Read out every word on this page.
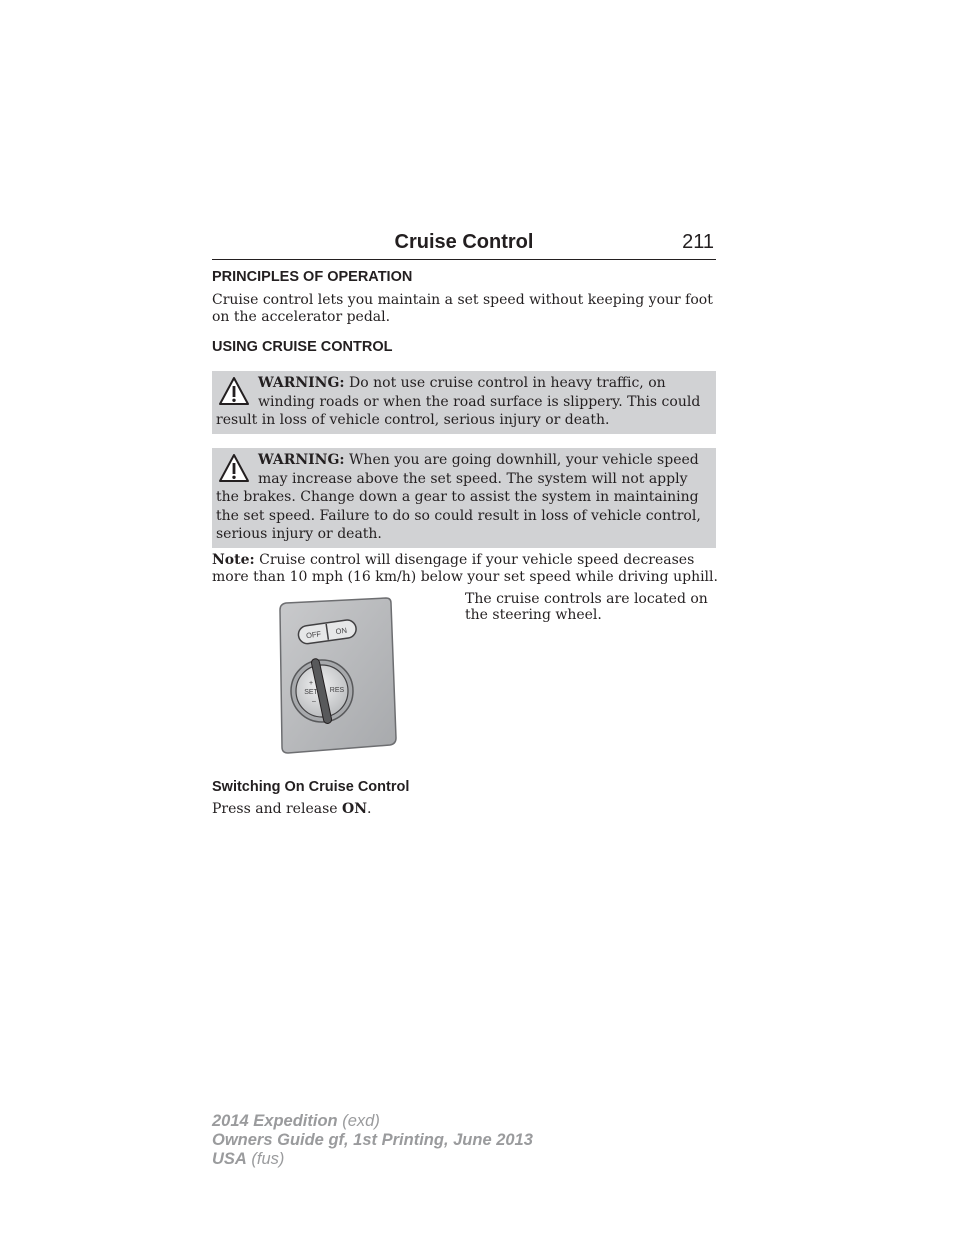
Cruise Control	211
PRINCIPLES OF OPERATION

Cruise control lets you maintain a set speed without keeping your foot on the accelerator pedal.

USING CRUISE CONTROL

WARNING: Do not use cruise control in heavy traffic, on winding roads or when the road surface is slippery. This could result in loss of vehicle control, serious injury or death.

WARNING: When you are going downhill, your vehicle speed may increase above the set speed. The system will not apply the brakes. Change down a gear to assist the system in maintaining the set speed. Failure to do so could result in loss of vehicle control, serious injury or death.

Note: Cruise control will disengage if your vehicle speed decreases more than 10 mph (16 km/h) below your set speed while driving uphill.

OFF ON
+
SET
–
RES

The cruise controls are located on the steering wheel.

Switching On Cruise Control

Press and release ON.

2014 Expedition (exd)
Owners Guide gf, 1st Printing, June 2013
USA (fus)
